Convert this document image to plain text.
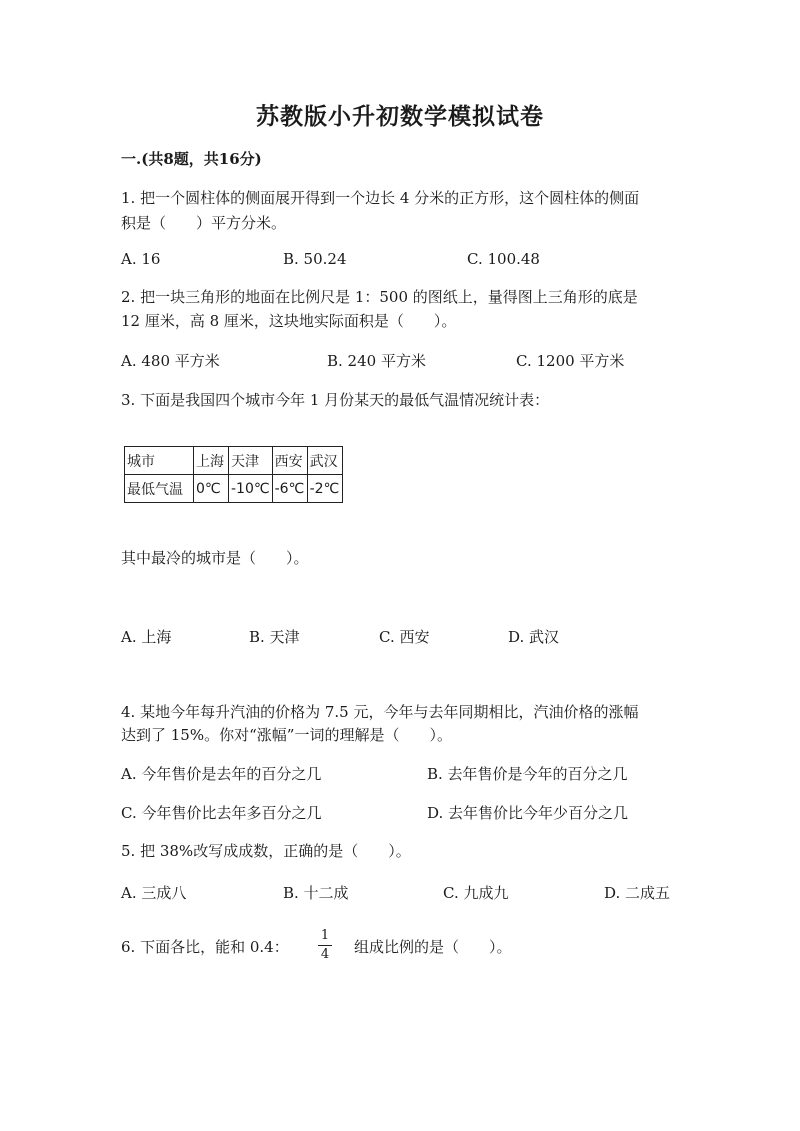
苏教版小升初数学模拟试卷
一.(共8题，共16分)
1. 把一个圆柱体的侧面展开得到一个边长 4 分米的正方形，这个圆柱体的侧面
积是（　　）平方分米。
A. 16	B. 50.24	C. 100.48
2. 把一块三角形的地面在比例尺是 1：500 的图纸上，量得图上三角形的底是
12 厘米，高 8 厘米，这块地实际面积是（　　）。
A. 480 平方米	B. 240 平方米	C. 1200 平方米
3. 下面是我国四个城市今年 1 月份某天的最低气温情况统计表：
城市	上海	天津	西安	武汉
最低气温	0℃	-10℃	-6℃	-2℃
其中最冷的城市是（　　）。
A. 上海	B. 天津	C. 西安	D. 武汉
4. 某地今年每升汽油的价格为 7.5 元，今年与去年同期相比，汽油价格的涨幅
达到了 15%。你对“涨幅”一词的理解是（　　）。
A. 今年售价是去年的百分之几	B. 去年售价是今年的百分之几
C. 今年售价比去年多百分之几	D. 去年售价比今年少百分之几
5. 把 38%改写成成数，正确的是（　　）。
A. 三成八	B. 十二成	C. 九成九	D. 二成五
6. 下面各比，能和 0.4：
1
4 组成比例的是（　　）。
